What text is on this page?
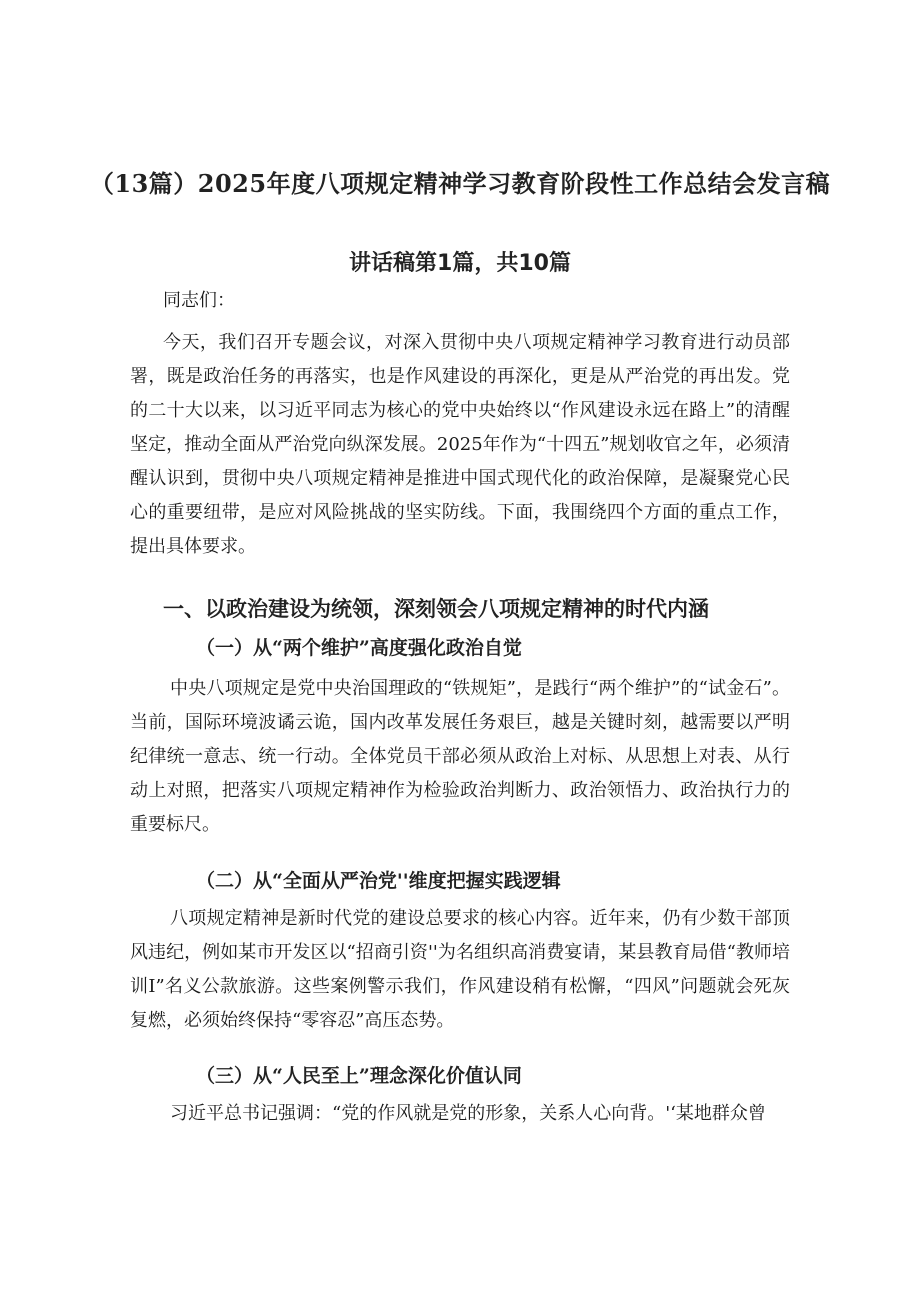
（13篇）2025年度八项规定精神学习教育阶段性工作总结会发言稿
讲话稿第1篇，共10篇
同志们：

今天，我们召开专题会议，对深入贯彻中央八项规定精神学习教育进行动员部署，既是政治任务的再落实，也是作风建设的再深化，更是从严治党的再出发。党的二十大以来，以习近平同志为核心的党中央始终以“作风建设永远在路上”的清醒坚定，推动全面从严治党向纵深发展。2025年作为“十四五”规划收官之年，必须清醒认识到，贯彻中央八项规定精神是推进中国式现代化的政治保障，是凝聚党心民心的重要纽带，是应对风险挑战的坚实防线。下面，我围绕四个方面的重点工作，提出具体要求。

一、以政治建设为统领，深刻领会八项规定精神的时代内涵
（一）从“两个维护”高度强化政治自觉

中央八项规定是党中央治国理政的“铁规矩”，是践行“两个维护”的“试金石”。当前，国际环境波谲云诡，国内改革发展任务艰巨，越是关键时刻，越需要以严明纪律统一意志、统一行动。全体党员干部必须从政治上对标、从思想上对表、从行动上对照，把落实八项规定精神作为检验政治判断力、政治领悟力、政治执行力的重要标尺。

（二）从“全面从严治党''维度把握实践逻辑

八项规定精神是新时代党的建设总要求的核心内容。近年来，仍有少数干部顶风违纪，例如某市开发区以“招商引资''为名组织高消费宴请，某县教育局借“教师培训I”名义公款旅游。这些案例警示我们，作风建设稍有松懈，“四风”问题就会死灰复燃，必须始终保持“零容忍”高压态势。

（三）从“人民至上”理念深化价值认同

习近平总书记强调：“党的作风就是党的形象，关系人心向背。'‘某地群众曾
